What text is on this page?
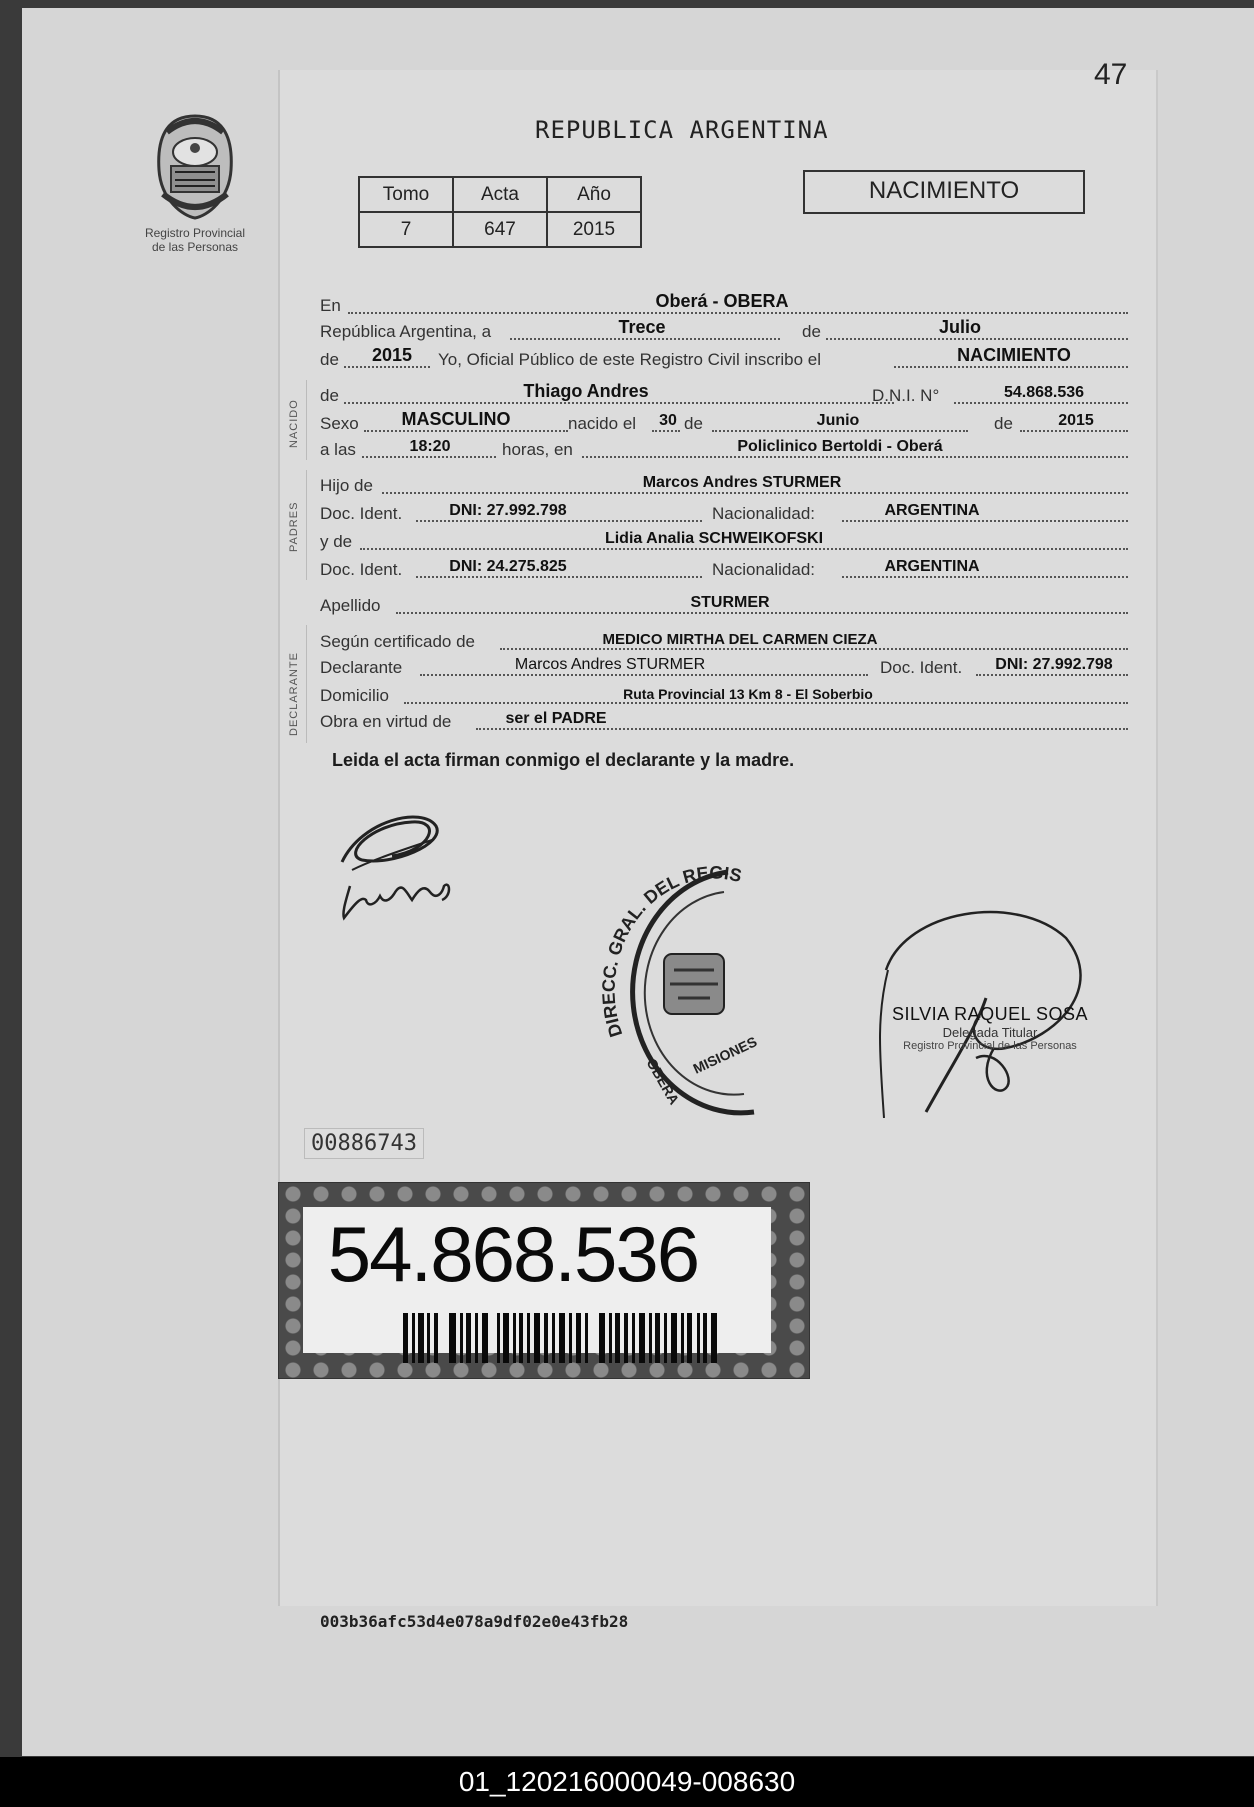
47
Registro Provincial
de las Personas
REPUBLICA ARGENTINA
Tomo	Acta	Año
7	647	2015
NACIMIENTO
NACIDO
PADRES
DECLARANTE
En	Oberá - OBERA
República Argentina, a	Trece	de	Julio
de 2015 Yo, Oficial Público de este Registro Civil inscribo el	NACIMIENTO
de	Thiago Andres	D.N.I. N°	54.868.536
Sexo MASCULINO	nacido el 30 de	Junio	de	2015
a las	18:20	horas, en	Policlinico Bertoldi - Oberá
Hijo de	Marcos Andres STURMER
Doc. Ident.	DNI: 27.992.798	Nacionalidad:	ARGENTINA
y de	Lidia Analia SCHWEIKOFSKI
Doc. Ident.	DNI: 24.275.825	Nacionalidad:	ARGENTINA
Apellido	STURMER
Según certificado de	MEDICO MIRTHA DEL CARMEN CIEZA
Declarante	Marcos Andres STURMER	Doc. Ident. DNI: 27.992.798
Domicilio	Ruta Provincial 13 Km 8 - El Soberbio
Obra en virtud de	ser el PADRE
Leida el acta firman conmigo el declarante y la madre.
DIRECC. GRAL. DEL REGIS
OBERA
MISIONES
SILVIA RAQUEL SOSA
Delegada Titular
Registro Provincial de las Personas
00886743
54.868.536
003b36afc53d4e078a9df02e0e43fb28
01_120216000049-008630
